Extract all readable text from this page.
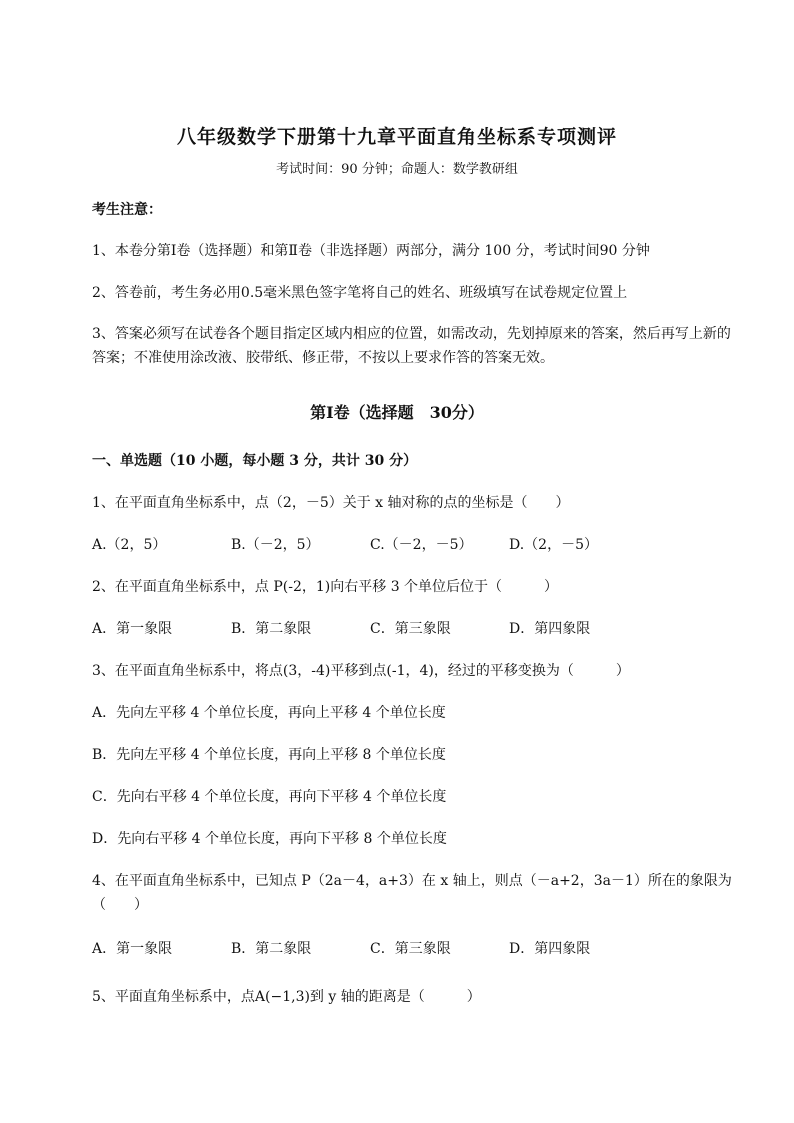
八年级数学下册第十九章平面直角坐标系专项测评
考试时间：90 分钟；命题人：数学教研组
考生注意：
1、本卷分第Ⅰ卷（选择题）和第Ⅱ卷（非选择题）两部分，满分 100 分，考试时间90 分钟
2、答卷前，考生务必用0.5毫米黑色签字笔将自己的姓名、班级填写在试卷规定位置上
3、答案必须写在试卷各个题目指定区域内相应的位置，如需改动，先划掉原来的答案，然后再写上新的答案；不准使用涂改液、胶带纸、修正带，不按以上要求作答的答案无效。
第Ⅰ卷（选择题　30分）
一、单选题（10 小题，每小题 3 分，共计 30 分）
1、在平面直角坐标系中，点（2，－5）关于 x 轴对称的点的坐标是（　　）
A.（2，5）	B.（－2，5）	C.（－2，－5）	D.（2，－5）
2、在平面直角坐标系中，点 P(-2，1)向右平移 3 个单位后位于（　　　）
A．第一象限	B．第二象限	C．第三象限	D．第四象限
3、在平面直角坐标系中，将点(3，-4)平移到点(-1，4)，经过的平移变换为（　　　）
A．先向左平移 4 个单位长度，再向上平移 4 个单位长度
B．先向左平移 4 个单位长度，再向上平移 8 个单位长度
C．先向右平移 4 个单位长度，再向下平移 4 个单位长度
D．先向右平移 4 个单位长度，再向下平移 8 个单位长度
4、在平面直角坐标系中，已知点 P（2a－4，a+3）在 x 轴上，则点（－a+2，3a－1）所在的象限为（　　）
A．第一象限	B．第二象限	C．第三象限	D．第四象限
5、平面直角坐标系中，点A(−1,3)到 y 轴的距离是（　　　）
